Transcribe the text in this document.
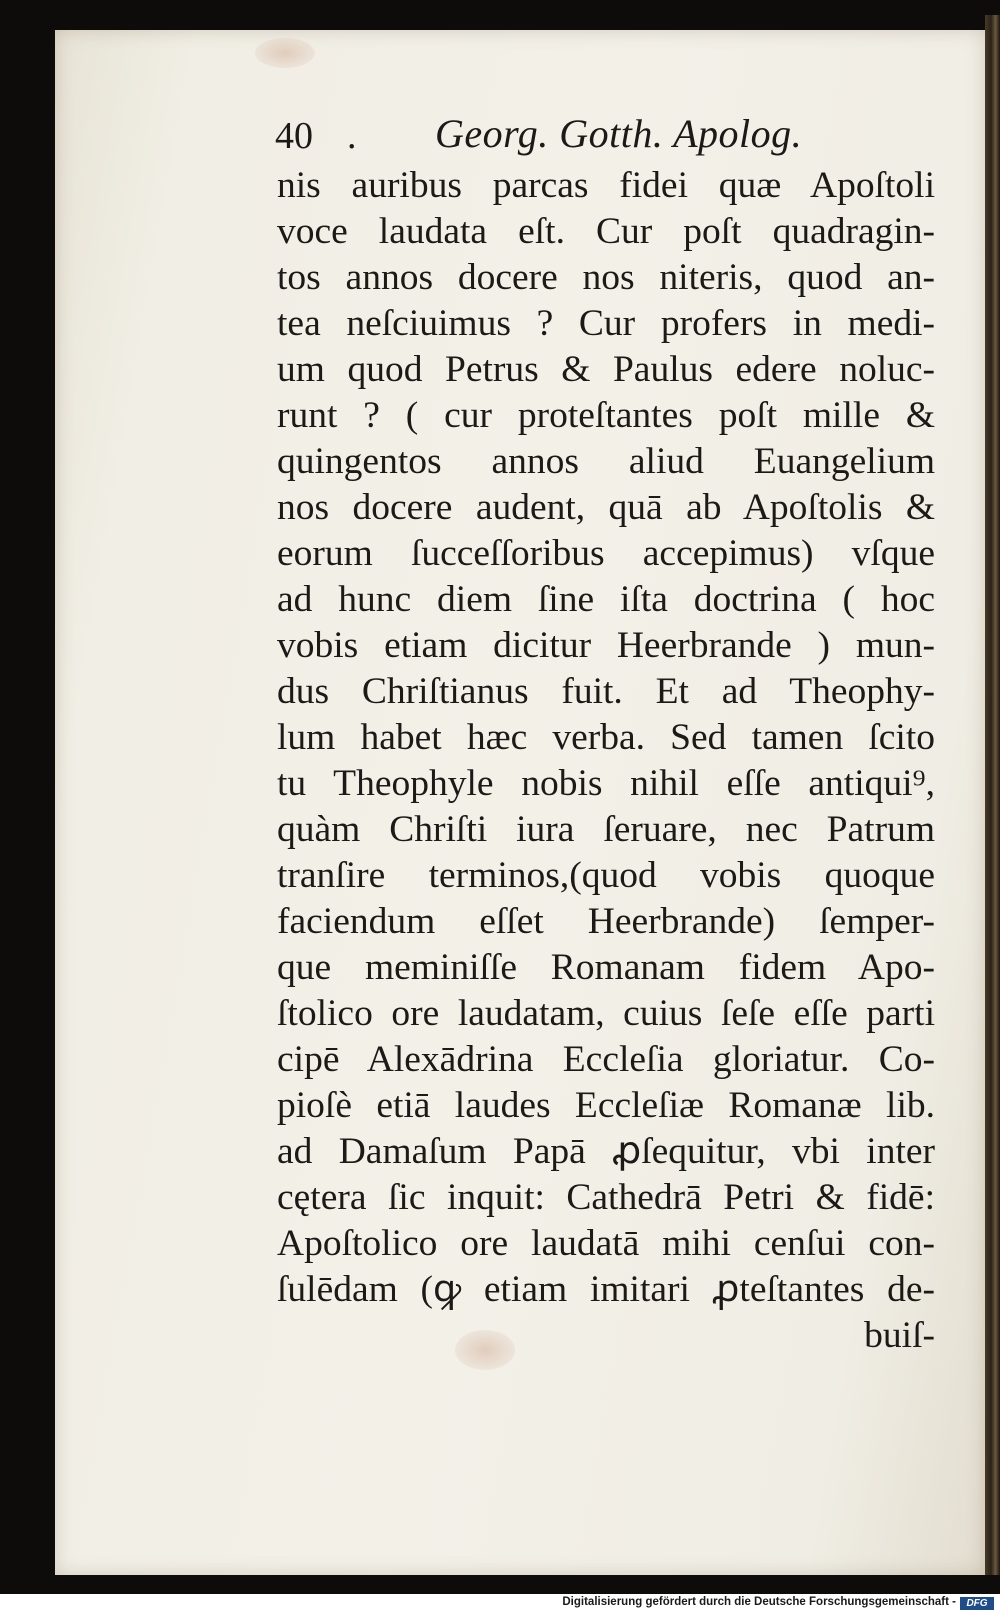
40 . Georg. Gotth. Apolog.
nis auribus parcas fidei quæ Apoſtoli
voce laudata eſt. Cur poſt quadragin-
tos annos docere nos niteris, quod an-
tea neſciuimus ? Cur profers in medi-
um quod Petrus & Paulus edere noluc-
runt ? ( cur proteſtantes poſt mille &
quingentos annos aliud Euangelium
nos docere audent, quā ab Apoſtolis &
eorum ſucceſſoribus accepimus) vſque
ad hunc diem ſine iſta doctrina ( hoc
vobis etiam dicitur Heerbrande ) mun-
dus Chriſtianus fuit. Et ad Theophy-
lum habet hæc verba. Sed tamen ſcito
tu Theophyle nobis nihil eſſe antiqui⁹,
quàm Chriſti iura ſeruare, nec Patrum
tranſire terminos,(quod vobis quoque
faciendum eſſet Heerbrande) ſemper-
que meminiſſe Romanam fidem Apo-
ſtolico ore laudatam, cuius ſeſe eſſe parti
cipē Alexādrina Eccleſia gloriatur. Co-
pioſè etiā laudes Eccleſiæ Romanæ lib.
ad Damaſum Papā ꝓſequitur, vbi inter
cętera ſic inquit: Cathedrā Petri & fidē:
Apoſtolico ore laudatā mihi cenſui con-
ſulēdam (ꝙ etiam imitari ꝓteſtantes de-
buiſ-
Digitalisierung gefördert durch die Deutsche Forschungsgemeinschaft -	DFG
